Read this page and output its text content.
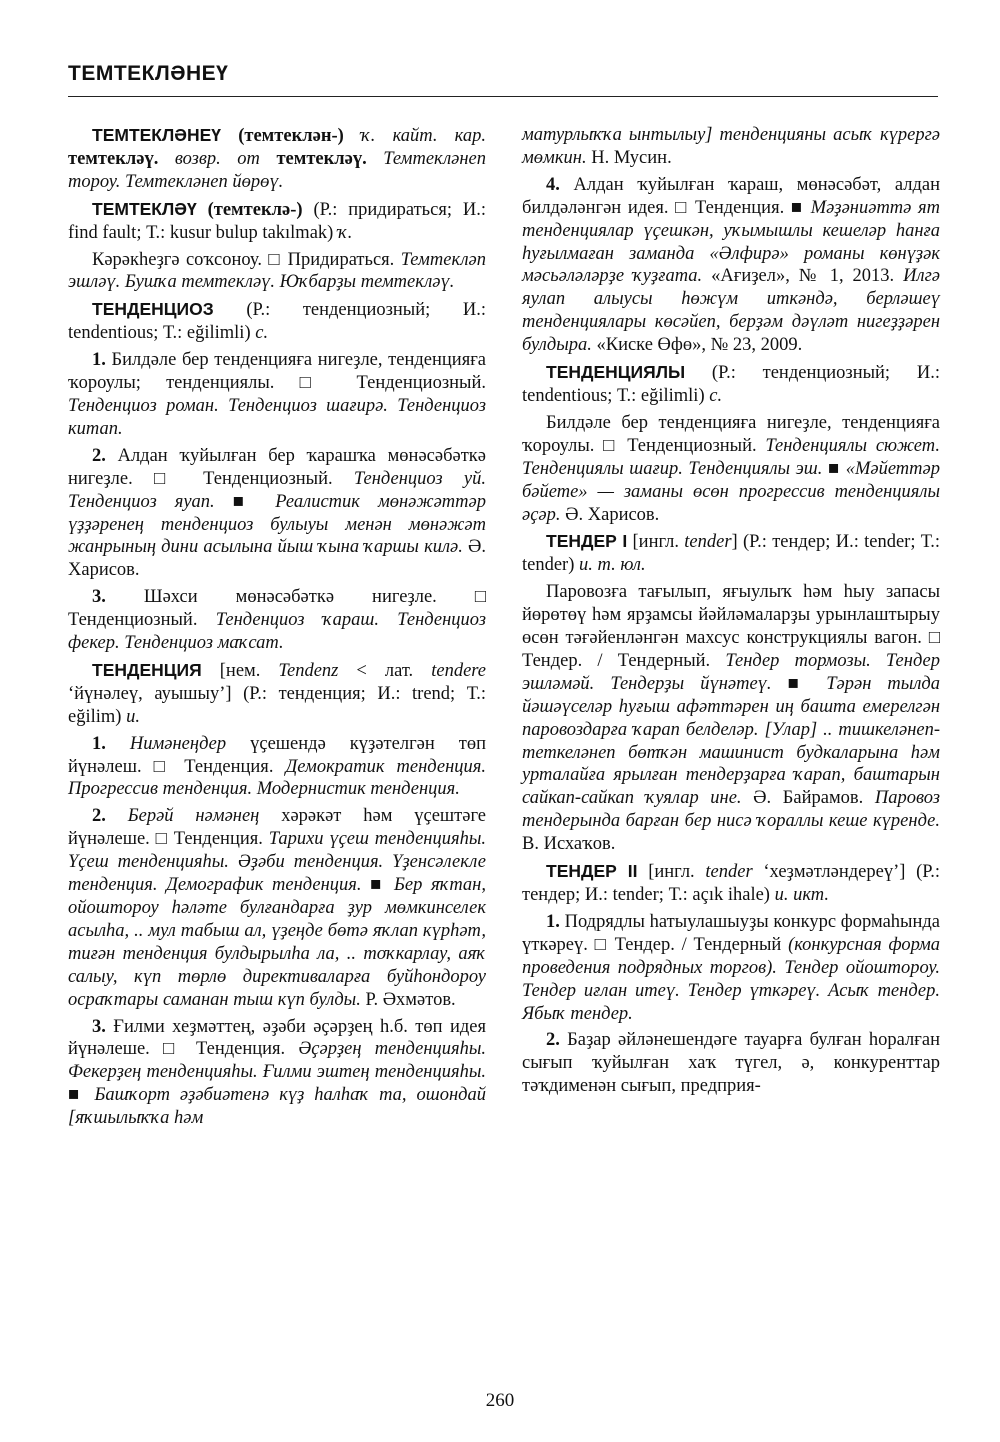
ТЕМТЕКЛӘНЕҮ

ТЕМТЕКЛӘНЕҮ (темтеклән-) ҡ. кайт. кар. темтекләү. возвр. от темтекләү. Темтекләнеп тороу. Темтекләнеп йөрөү.

ТЕМТЕКЛӘҮ (темтеклә-) (Р.: придираться; И.: find fault; Т.: kusur bulup takılmak) ҡ.

Кәрәкһеҙгә соҡсоноу. □ Придираться. Темтекләп эшләү. Бушҡа темтекләү. Юҡбарҙы темтекләү.

ТЕНДЕНЦИОЗ (Р.: тенденциозный; И.: tendentious; Т.: eğilimli) с.

1. Билдәле бер тенденцияға нигеҙле, тенденцияға ҡороулы; тенденциялы. □ Тенденциозный. Тенденциоз роман. Тенденциоз шағирә. Тенденциоз китап.

2. Алдан ҡуйылған бер ҡарашҡа мөнәсәбәткә нигеҙле. □ Тенденциозный. Тенденциоз уй. Тенденциоз яуап. ■ Реалистик мөнәжәттәр үҙҙәренең тенденциоз булыуы менән мөнәжәт жанрының дини асылына йыш ҡына ҡаршы килә. Ә. Харисов.

3. Шәхси мөнәсәбәткә нигеҙле. □ Тенденциозный. Тенденциоз ҡараш. Тенденциоз фекер. Тенденциоз маҡсат.

ТЕНДЕНЦИЯ [нем. Tendenz < лат. tendere ‘йүнәлеү, ауышыу’] (Р.: тенденция; И.: trend; Т.: eğilim) и.

1. Нимәнеңдер үҫешендә күҙәтелгән төп йүнәлеш. □ Тенденция. Демократик тенденция. Прогрессив тенденция. Модернистик тенденция.

2. Берәй нәмәнең хәрәкәт һәм үҫештәге йүнәлеше. □ Тенденция. Тарихи үҫеш тенденцияһы. Үҫеш тенденцияһы. Әҙәби тенденция. Үҙенсәлекле тенденция. Демографик тенденция. ■ Бер яҡтан, ойоштороу һәләте булғандарға ҙур мөмкинселек асылһа, .. мул табыш ал, үҙеңде бөтә яҡлап күрһәт, тиғән тенденция булдырылһа ла, .. тоҡкарлау, аяҡ салыу, күп төрлө директиваларға буйһондороу осраҡтары саманан тыш күп булды. Р. Әхмәтов.

3. Ғилми хеҙмәттең, әҙәби әҫәрҙең һ.б. төп идея йүнәлеше. □ Тенденция. Әҫәрҙең тенденцияһы. Фекерҙең тенденцияһы. Ғилми эштең тенденцияһы. ■ Башҡорт әҙәбиәтенә күҙ һалһаҡ та, ошондай [яҡшылыҡҡа һәм

матурлыҡҡа ынтылыу] тенденцияны асыҡ күрергә мөмкин. Н. Мусин.

4. Алдан ҡуйылған ҡараш, мөнәсәбәт, алдан билдәләнгән идея. □ Тенденция. ■ Мәҙәниәттә ят тенденциялар үҫешкән, уҡымышлы кешеләр һанға һуғылмаған заманда «Әлфирә» романы көнүҙәк мәсьәләләрҙе ҡуҙғата. «Ағиҙел», № 1, 2013. Илгә яулап алыусы һөжүм иткәндә, берләшеү тенденциялары көсәйеп, берҙәм дәүләт нигеҙҙәрен булдыра. «Киске Өфө», № 23, 2009.

ТЕНДЕНЦИЯЛЫ (Р.: тенденциозный; И.: tendentious; Т.: eğilimli) с.

Билдәле бер тенденцияға нигеҙле, тенденцияға ҡороулы. □ Тенденциозный. Тенденциялы сюжет. Тенденциялы шағир. Тенденциялы эш. ■ «Мәйеттәр бәйете» — заманы өсөн прогрессив тенденциялы әҫәр. Ә. Харисов.

ТЕНДЕР I [ингл. tender] (Р.: тендер; И.: tender; Т.: tender) и. т. юл.

Паровозға тағылып, яғыулыҡ һәм һыу запасы йөрөтөү һәм ярҙамсы йәйләмаларҙы урынлаштырыу өсөн тәғәйенләнгән махсус конструкциялы вагон. □ Тендер. / Тендерный. Тендер тормозы. Тендер эшләмәй. Тендерҙы йүнәтеү. ■ Тәрән тылда йәшәүселәр һуғыш афәттәрен иң башта емерелгән паровоздарға ҡарап белделәр. [Улар] .. тишкеләнеп-теткеләнеп бөтҡән машинист будкаларына һәм урталайға ярылған тендерҙарға ҡарап, баштарын сайкап-сайкап ҡуялар ине. Ә. Байрамов. Паровоз тендерында барған бер нисә ҡораллы кеше күренде. В. Исхаҡов.

ТЕНДЕР II [ингл. tender ‘хеҙмәтләндереү’] (Р.: тендер; И.: tender; Т.: açık ihale) и. икт.

1. Подрядлы һатыулашыуҙы конкурс формаһында үткәреү. □ Тендер. / Тендерный (конкурсная форма проведения подрядных торгов). Тендер ойоштороу. Тендер иғлан итеү. Тендер үткәреү. Асыҡ тендер. Ябыҡ тендер.

2. Баҙар әйләнешендәге тауарға булған һоралған сығып ҡуйылған хаҡ түгел, ә, конкуренттар тәҡдименән сығып, предприя-

260
